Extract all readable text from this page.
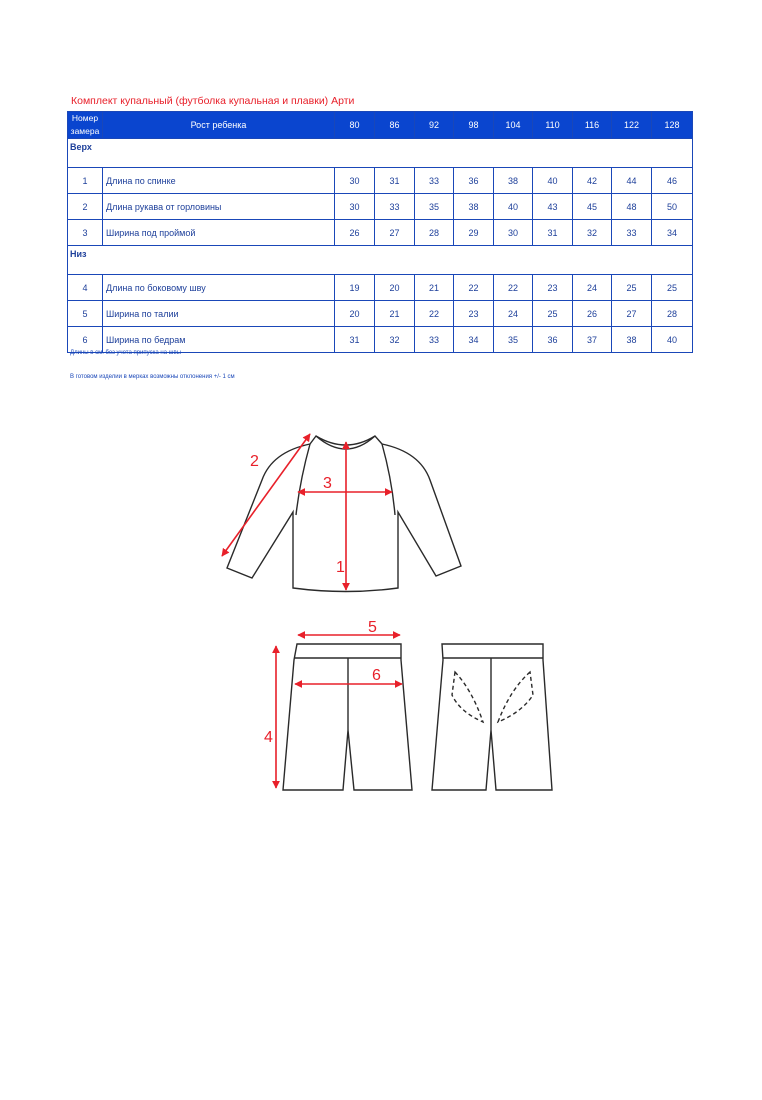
Комплект купальный (футболка купальная и плавки) Арти
Номер
замера	Рост ребенка	80	86	92	98	104	110	116	122	128
Верх										
1	Длина по спинке	30	31	33	36	38	40	42	44	46
2	Длина рукава от горловины	30	33	35	38	40	43	45	48	50
3	Ширина под проймой	26	27	28	29	30	31	32	33	34
Низ										
4	Длина по боковому шву	19	20	21	22	22	23	24	25	25
5	Ширина по талии	20	21	22	23	24	25	26	27	28
6	Ширина по бедрам	31	32	33	34	35	36	37	38	40
Длины в см. без учета припуска на швы
В готовом изделии в мерках возможны отклонения +/- 1 см
1
2
3
4
5
6
